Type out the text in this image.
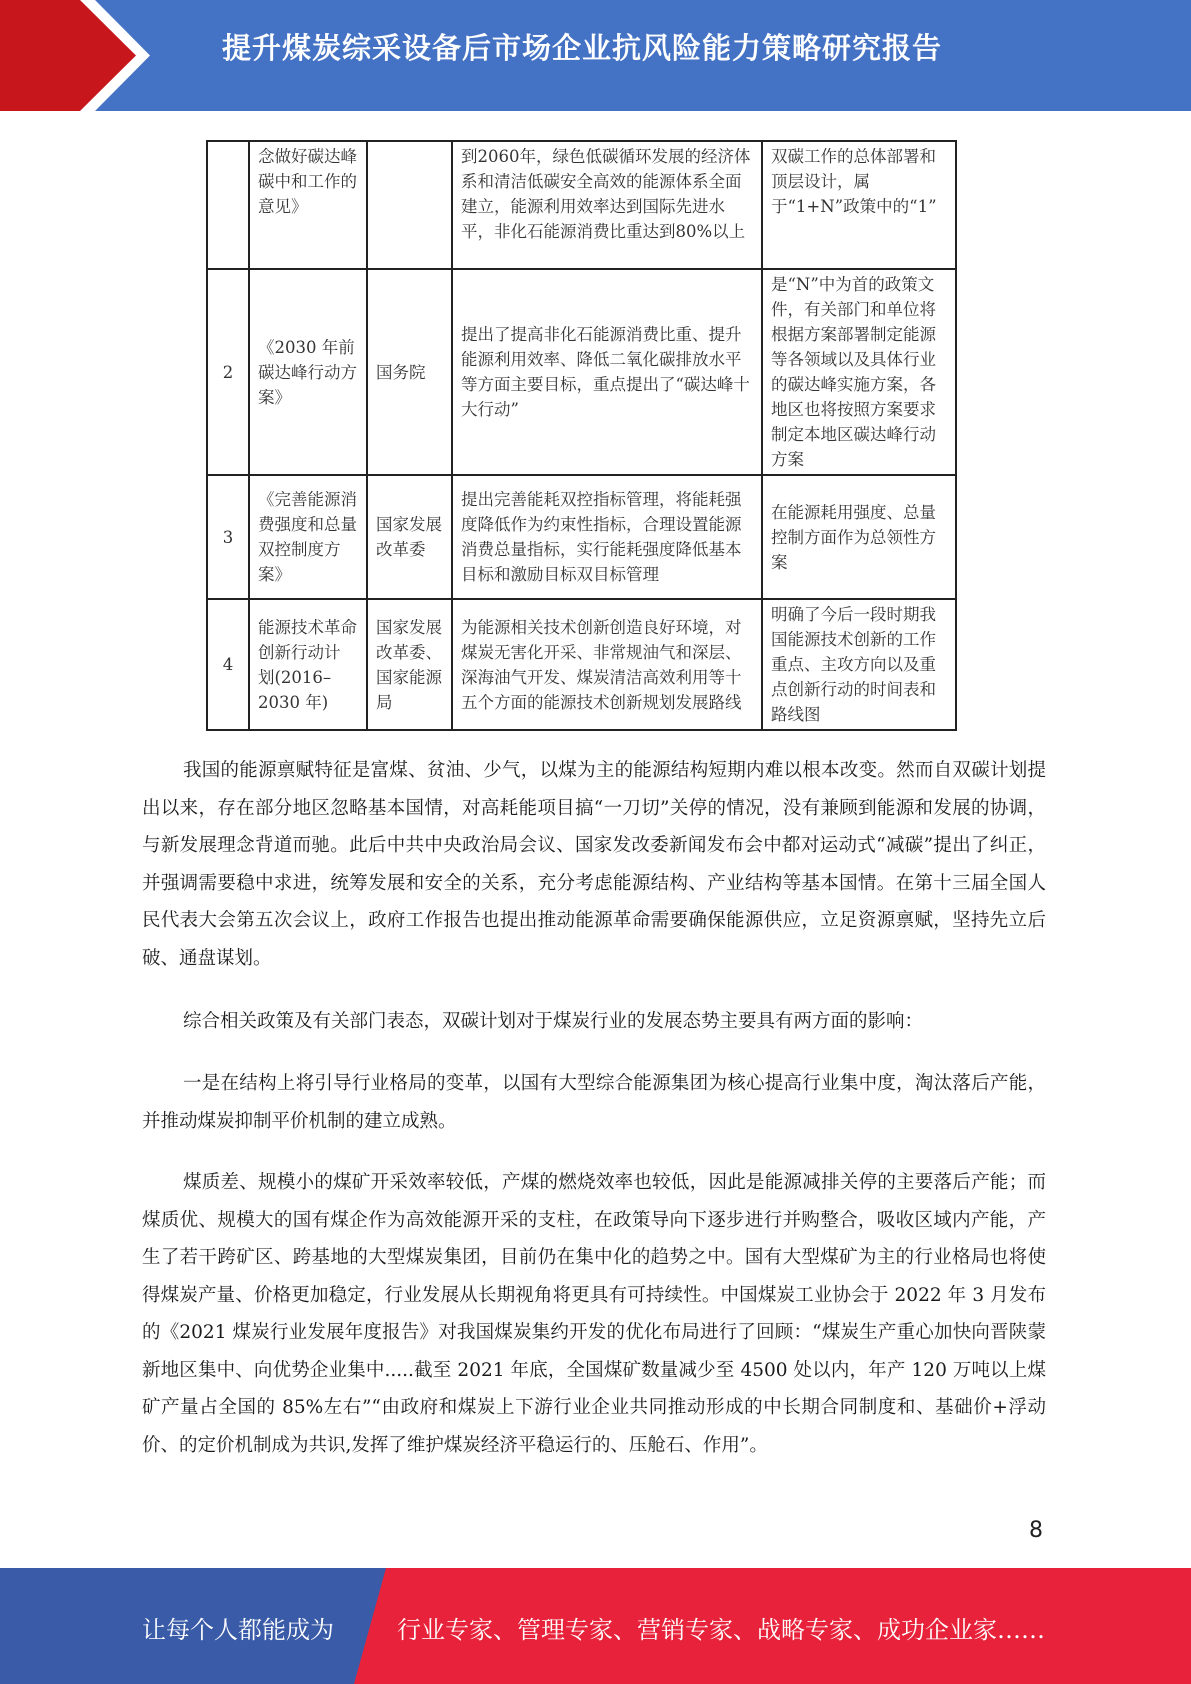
提升煤炭综采设备后市场企业抗风险能力策略研究报告
	念做好碳达峰碳中和工作的意见》		到2060年，绿色低碳循环发展的经济体系和清洁低碳安全高效的能源体系全面建立，能源利用效率达到国际先进水平，非化石能源消费比重达到80%以上	双碳工作的总体部署和顶层设计，属于“1+N”政策中的“1”
2	《2030 年前碳达峰行动方案》	国务院	提出了提高非化石能源消费比重、提升能源利用效率、降低二氧化碳排放水平等方面主要目标，重点提出了“碳达峰十大行动”	是“N”中为首的政策文件，有关部门和单位将根据方案部署制定能源等各领域以及具体行业的碳达峰实施方案，各地区也将按照方案要求制定本地区碳达峰行动方案
3	《完善能源消费强度和总量双控制度方案》	国家发展改革委	提出完善能耗双控指标管理，将能耗强度降低作为约束性指标，合理设置能源消费总量指标，实行能耗强度降低基本目标和激励目标双目标管理	在能源耗用强度、总量控制方面作为总领性方案
4	能源技术革命创新行动计 划(2016–2030 年)	国家发展改革委、国家能源局	为能源相关技术创新创造良好环境，对煤炭无害化开采、非常规油气和深层、深海油气开发、煤炭清洁高效利用等十五个方面的能源技术创新规划发展路线	明确了今后一段时期我国能源技术创新的工作重点、主攻方向以及重点创新行动的时间表和路线图

我国的能源禀赋特征是富煤、贫油、少气，以煤为主的能源结构短期内难以根本改变。然而自双碳计划提出以来，存在部分地区忽略基本国情，对高耗能项目搞“一刀切”关停的情况，没有兼顾到能源和发展的协调，与新发展理念背道而驰。此后中共中央政治局会议、国家发改委新闻发布会中都对运动式“减碳”提出了纠正，并强调需要稳中求进，统筹发展和安全的关系，充分考虑能源结构、产业结构等基本国情。在第十三届全国人民代表大会第五次会议上，政府工作报告也提出推动能源革命需要确保能源供应，立足资源禀赋，坚持先立后破、通盘谋划。

综合相关政策及有关部门表态，双碳计划对于煤炭行业的发展态势主要具有两方面的影响：

一是在结构上将引导行业格局的变革，以国有大型综合能源集团为核心提高行业集中度，淘汰落后产能，并推动煤炭抑制平价机制的建立成熟。

煤质差、规模小的煤矿开采效率较低，产煤的燃烧效率也较低，因此是能源减排关停的主要落后产能；而煤质优、规模大的国有煤企作为高效能源开采的支柱，在政策导向下逐步进行并购整合，吸收区域内产能，产生了若干跨矿区、跨基地的大型煤炭集团，目前仍在集中化的趋势之中。国有大型煤矿为主的行业格局也将使得煤炭产量、价格更加稳定，行业发展从长期视角将更具有可持续性。中国煤炭工业协会于 2022 年 3 月发布的《2021 煤炭行业发展年度报告》对我国煤炭集约开发的优化布局进行了回顾：“煤炭生产重心加快向晋陕蒙新地区集中、向优势企业集中.....截至 2021 年底，全国煤矿数量减少至 4500 处以内，年产 120 万吨以上煤矿产量占全国的 85%左右”“由政府和煤炭上下游行业企业共同推动形成的中长期合同制度和、基础价+浮动价、的定价机制成为共识,发挥了维护煤炭经济平稳运行的、压舱石、作用”。

8
让每个人都能成为	行业专家、管理专家、营销专家、战略专家、成功企业家……
